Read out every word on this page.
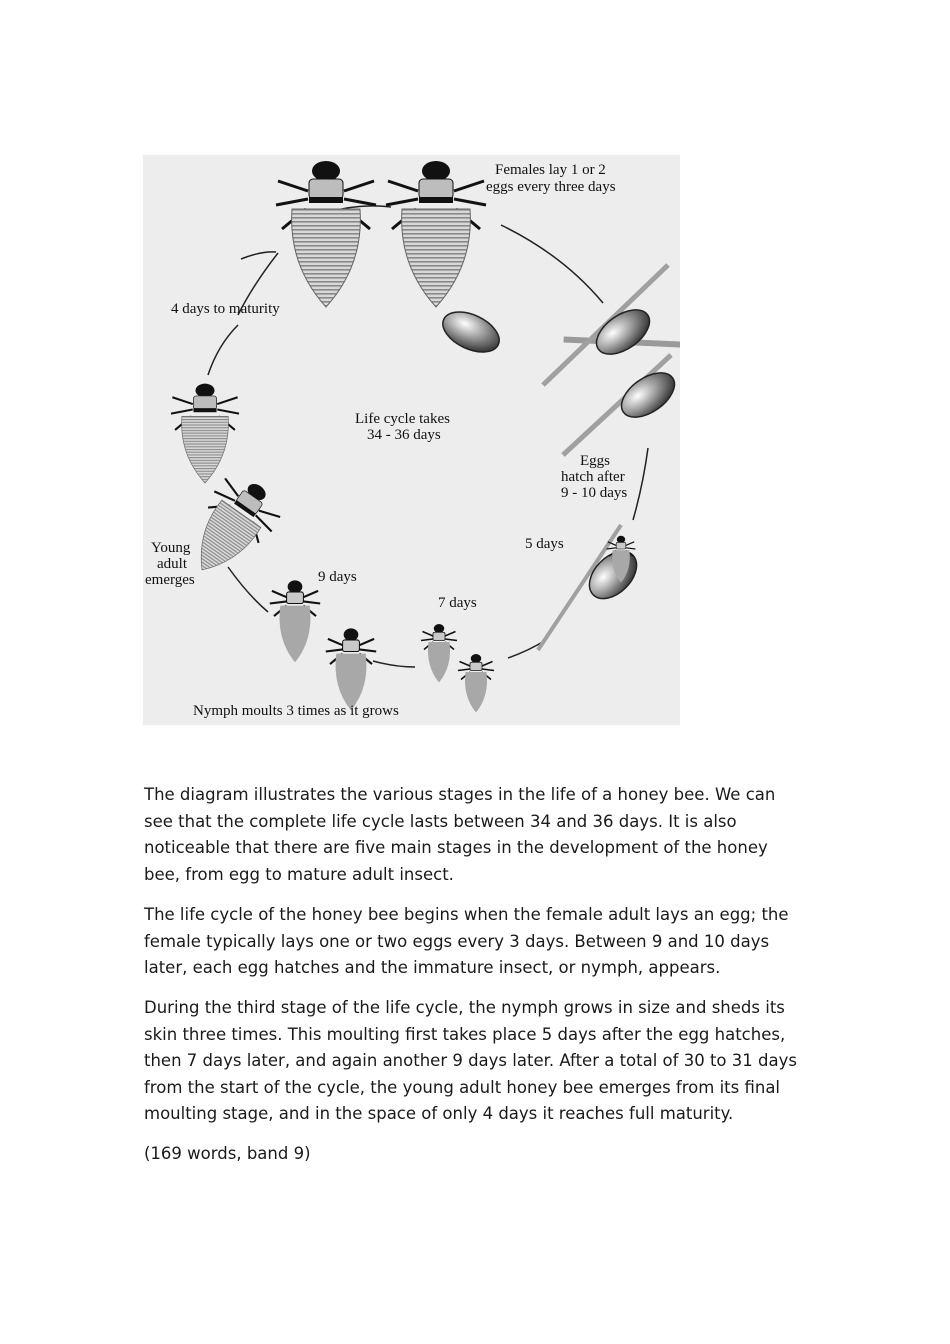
Females lay 1 or 2
eggs every three days
4 days to maturity
Life cycle takes
34 - 36 days
Eggs
hatch after
9 - 10 days
5 days
Young
adult
emerges	9 days
7 days
Nymph moults 3 times as it grows

The diagram illustrates the various stages in the life of a honey bee. We can see that the complete life cycle lasts between 34 and 36 days. It is also noticeable that there are five main stages in the development of the honey bee, from egg to mature adult insect.

The life cycle of the honey bee begins when the female adult lays an egg; the female typically lays one or two eggs every 3 days. Between 9 and 10 days later, each egg hatches and the immature insect, or nymph, appears.

During the third stage of the life cycle, the nymph grows in size and sheds its skin three times. This moulting first takes place 5 days after the egg hatches, then 7 days later, and again another 9 days later. After a total of 30 to 31 days from the start of the cycle, the young adult honey bee emerges from its final moulting stage, and in the space of only 4 days it reaches full maturity.

(169 words, band 9)
